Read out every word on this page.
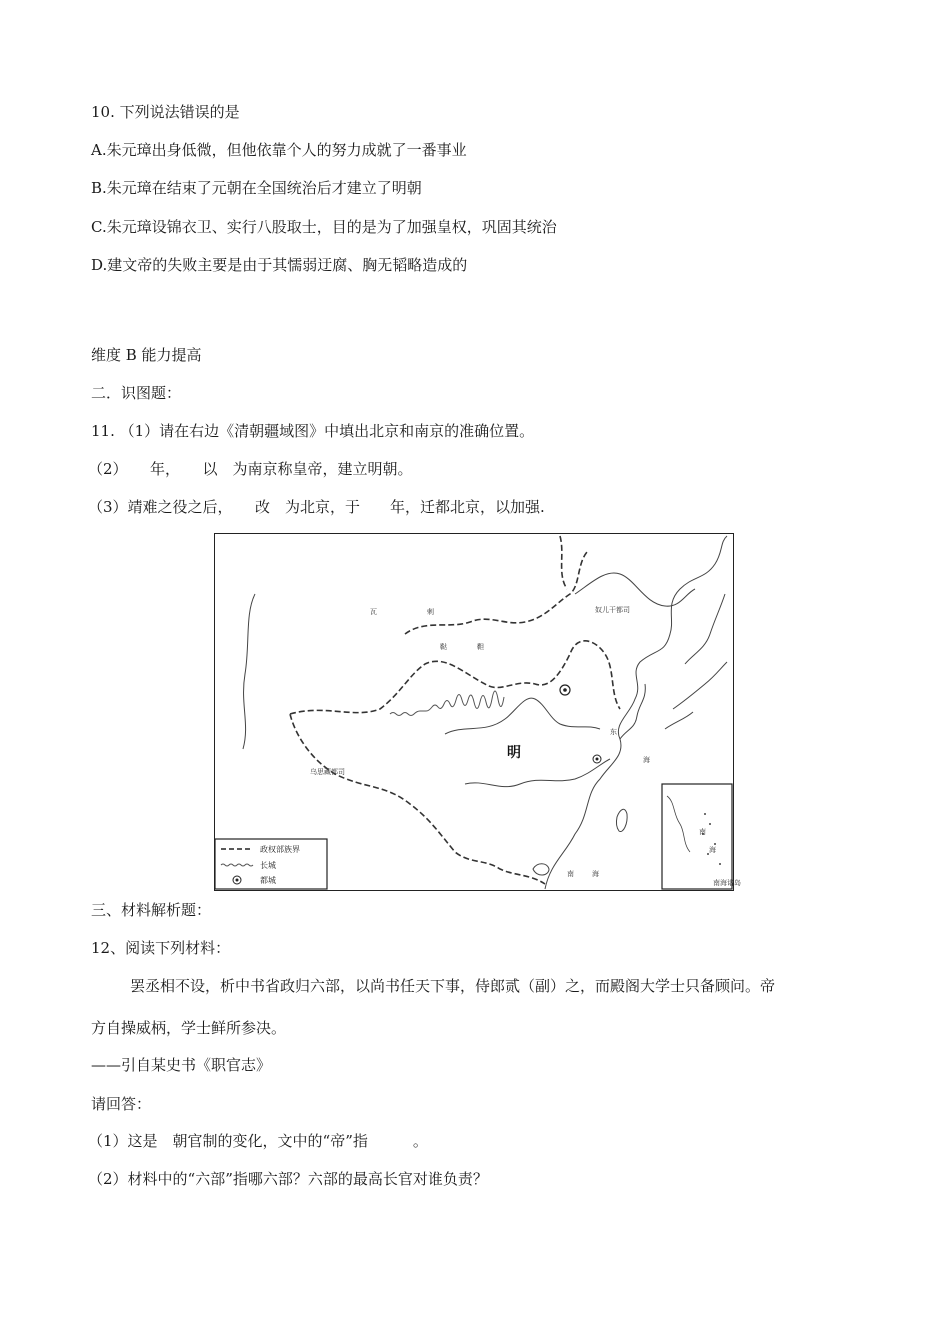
10. 下列说法错误的是
A.朱元璋出身低微，但他依靠个人的努力成就了一番事业
B.朱元璋在结束了元朝在全国统治后才建立了明朝
C.朱元璋设锦衣卫、实行八股取士，目的是为了加强皇权，巩固其统治
D.建文帝的失败主要是由于其懦弱迂腐、胸无韬略造成的
维度 B 能力提高
二．识图题：
11. （1）请在右边《清朝疆域图》中填出北京和南京的准确位置。
（2）　　年，　　以　为南京称皇帝，建立明朝。
（3）靖难之役之后，　　改　为北京，于　　年，迁都北京，以加强.
瓦	剌
鞑	靼
奴儿干都司
乌思藏都司
明	海
东
南	海
政权部族界
长城
都城
南
海
南海诸岛
三、材料解析题：
12、阅读下列材料：
罢丞相不设，析中书省政归六部，以尚书任天下事，侍郎贰（副）之，而殿阁大学士只备顾问。帝
方自操威柄，学士鲜所参决。
——引自某史书《职官志》
请回答：
（1）这是　朝官制的变化，文中的“帝”指　　　。
（2）材料中的“六部”指哪六部？六部的最高长官对谁负责？
